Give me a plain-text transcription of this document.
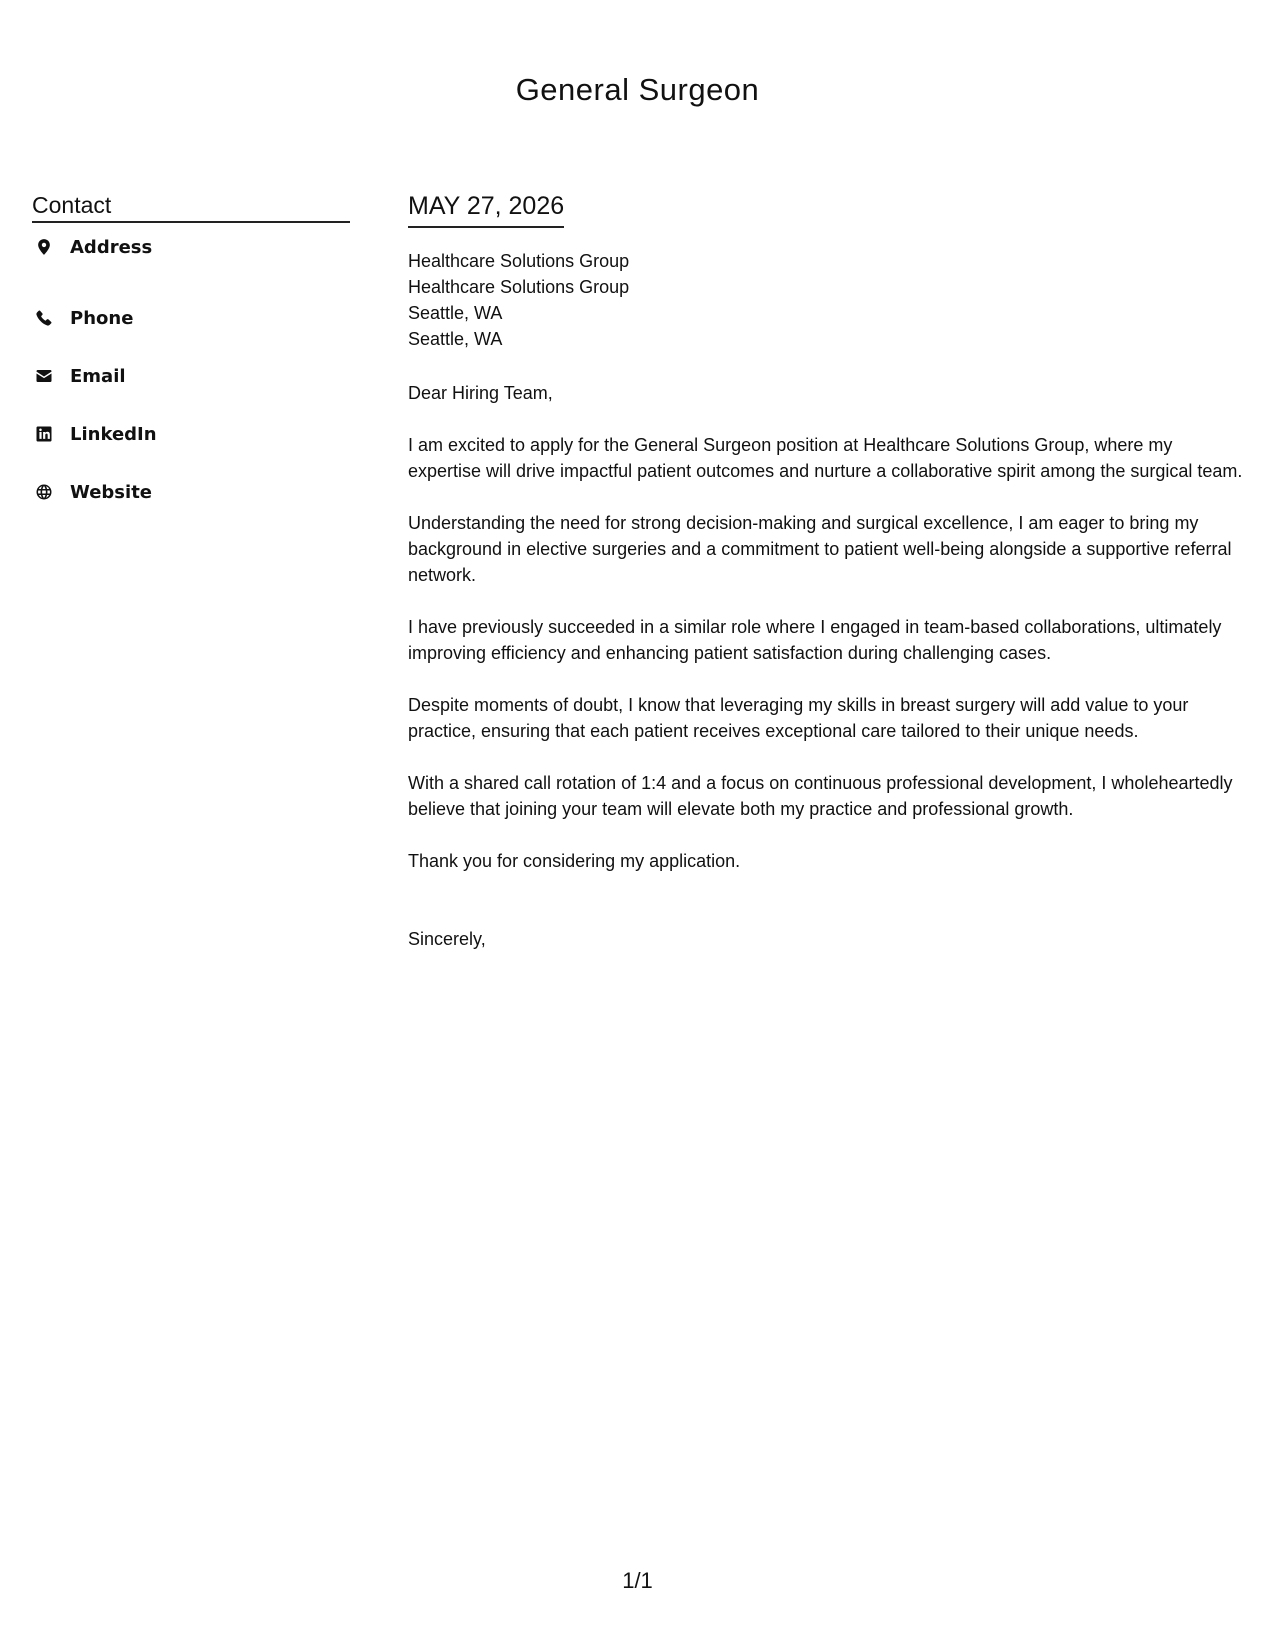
General Surgeon
Contact
Address
Phone
Email
LinkedIn
Website
MAY 27, 2026
Healthcare Solutions Group
Healthcare Solutions Group
Seattle, WA
Seattle, WA

Dear Hiring Team,

I am excited to apply for the General Surgeon position at Healthcare Solutions Group, where my expertise will drive impactful patient outcomes and nurture a collaborative spirit among the surgical team.

Understanding the need for strong decision-making and surgical excellence, I am eager to bring my background in elective surgeries and a commitment to patient well-being alongside a supportive referral network.

I have previously succeeded in a similar role where I engaged in team-based collaborations, ultimately improving efficiency and enhancing patient satisfaction during challenging cases.

Despite moments of doubt, I know that leveraging my skills in breast surgery will add value to your practice, ensuring that each patient receives exceptional care tailored to their unique needs.

With a shared call rotation of 1:4 and a focus on continuous professional development, I wholeheartedly believe that joining your team will elevate both my practice and professional growth.

Thank you for considering my application.

Sincerely,
1/1
